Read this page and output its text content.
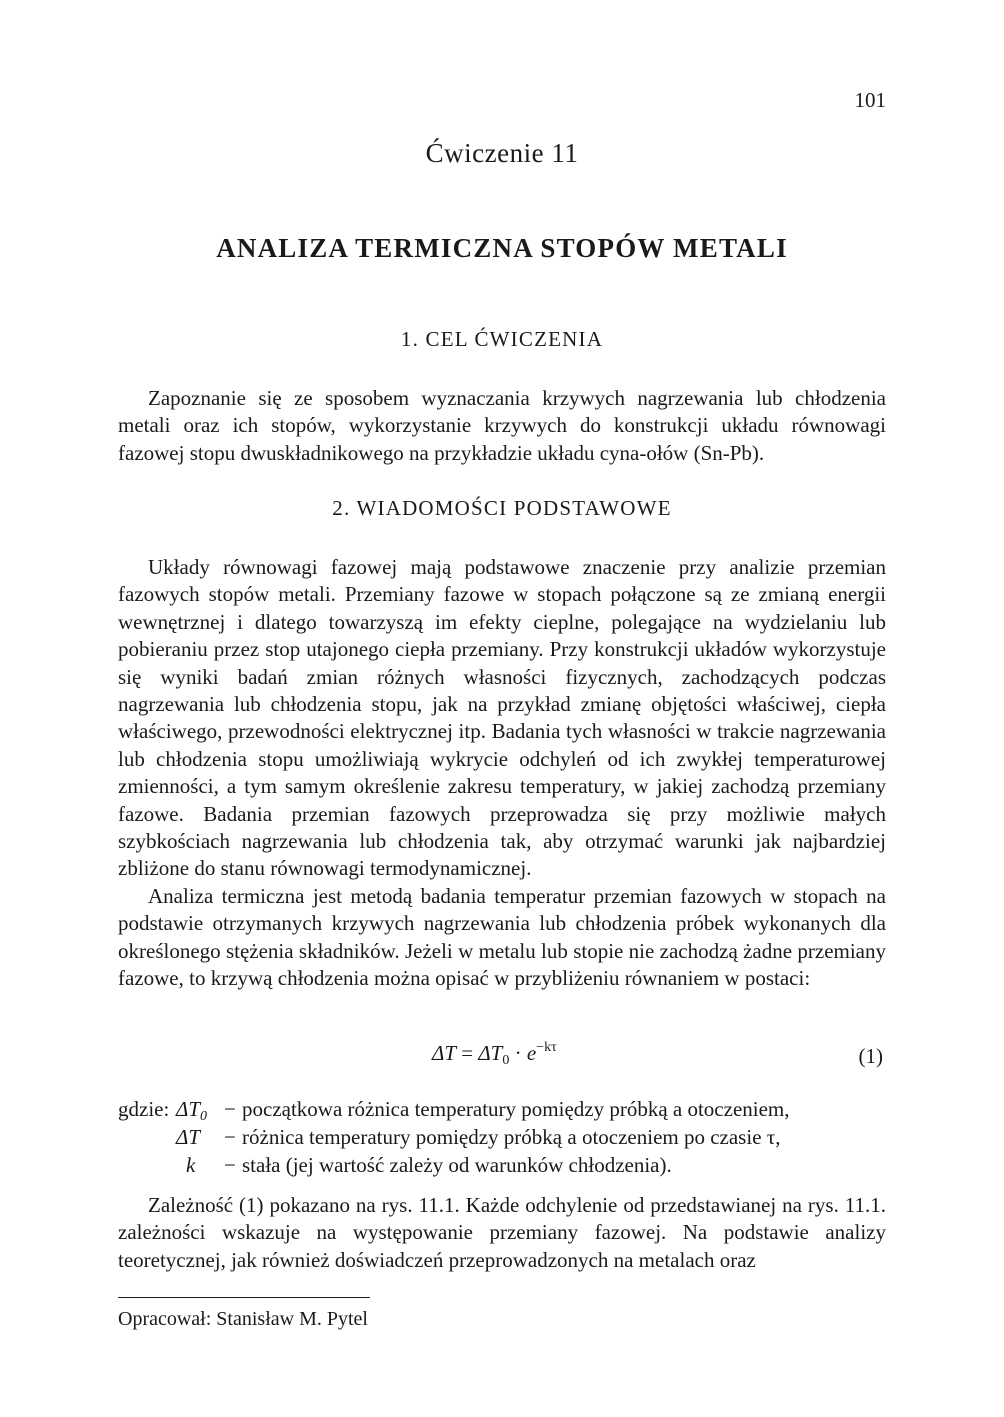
101
Ćwiczenie 11
ANALIZA TERMICZNA STOPÓW METALI
1. CEL ĆWICZENIA

Zapoznanie się ze sposobem wyznaczania krzywych nagrzewania lub chłodzenia metali oraz ich stopów, wykorzystanie krzywych do konstrukcji układu równowagi fazowej stopu dwuskładnikowego na przykładzie układu cyna-ołów (Sn-Pb).

2. WIADOMOŚCI PODSTAWOWE

Układy równowagi fazowej mają podstawowe znaczenie przy analizie przemian fazowych stopów metali. Przemiany fazowe w stopach połączone są ze zmianą energii wewnętrznej i dlatego towarzyszą im efekty cieplne, polegające na wydzielaniu lub pobieraniu przez stop utajonego ciepła przemiany. Przy konstrukcji układów wykorzystuje się wyniki badań zmian różnych własności fizycznych, zachodzących podczas nagrzewania lub chłodzenia stopu, jak na przykład zmianę objętości właściwej, ciepła właściwego, przewodności elektrycznej itp. Badania tych własności w trakcie nagrzewania lub chłodzenia stopu umożliwiają wykrycie odchyleń od ich zwykłej temperaturowej zmienności, a tym samym określenie zakresu temperatury, w jakiej zachodzą przemiany fazowe. Badania przemian fazowych przeprowadza się przy możliwie małych szybkościach nagrzewania lub chłodzenia tak, aby otrzymać warunki jak najbardziej zbliżone do stanu równowagi termodynamicznej.

Analiza termiczna jest metodą badania temperatur przemian fazowych w stopach na podstawie otrzymanych krzywych nagrzewania lub chłodzenia próbek wykonanych dla określonego stężenia składników. Jeżeli w metalu lub stopie nie zachodzą żadne przemiany fazowe, to krzywą chłodzenia można opisać w przybliżeniu równaniem w postaci:

$\Delta T = \Delta T_0 \cdot e^{-k\tau}$	(1)
gdzie: $\Delta T_0$ − początkowa różnica temperatury pomiędzy próbką a otoczeniem,
ΔT	− różnica temperatury pomiędzy próbką a otoczeniem po czasie τ,
k	− stała (jej wartość zależy od warunków chłodzenia).

Zależność (1) pokazano na rys. 11.1. Każde odchylenie od przedstawianej na rys. 11.1. zależności wskazuje na występowanie przemiany fazowej. Na podstawie analizy teoretycznej, jak również doświadczeń przeprowadzonych na metalach oraz

Opracował: Stanisław M. Pytel
